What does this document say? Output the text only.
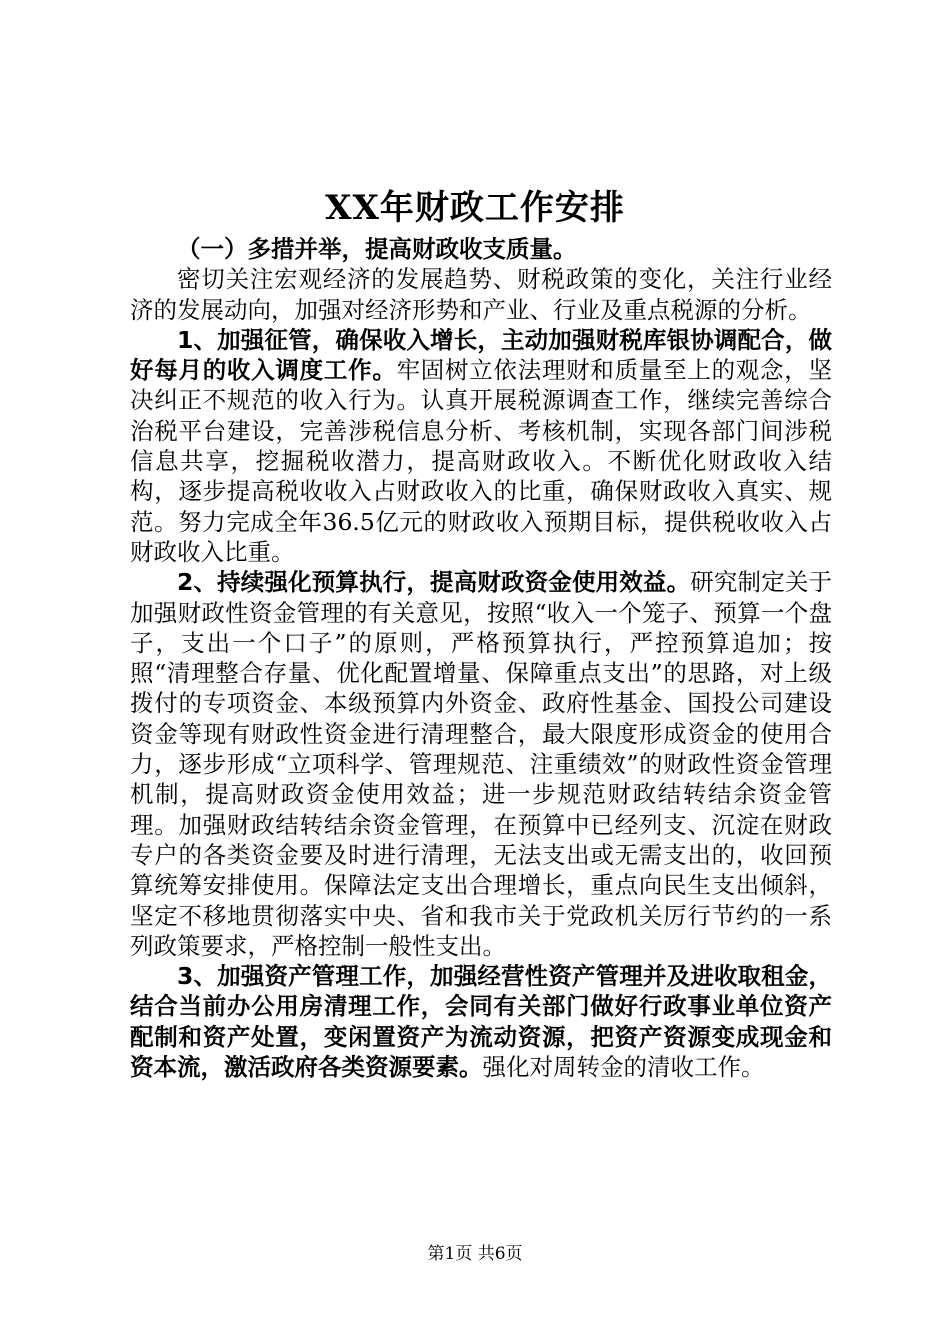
XX年财政工作安排

（一）多措并举，提高财政收支质量。

密切关注宏观经济的发展趋势、财税政策的变化，关注行业经济的发展动向，加强对经济形势和产业、行业及重点税源的分析。

1、加强征管，确保收入增长，主动加强财税库银协调配合，做好每月的收入调度工作。牢固树立依法理财和质量至上的观念，坚决纠正不规范的收入行为。认真开展税源调查工作，继续完善综合治税平台建设，完善涉税信息分析、考核机制，实现各部门间涉税信息共享，挖掘税收潜力，提高财政收入。不断优化财政收入结构，逐步提高税收收入占财政收入的比重，确保财政收入真实、规范。努力完成全年36.5亿元的财政收入预期目标，提供税收收入占财政收入比重。

2、持续强化预算执行，提高财政资金使用效益。研究制定关于加强财政性资金管理的有关意见，按照“收入一个笼子、预算一个盘子，支出一个口子”的原则，严格预算执行，严控预算追加；按照“清理整合存量、优化配置增量、保障重点支出”的思路，对上级拨付的专项资金、本级预算内外资金、政府性基金、国投公司建设资金等现有财政性资金进行清理整合，最大限度形成资金的使用合力，逐步形成“立项科学、管理规范、注重绩效”的财政性资金管理机制，提高财政资金使用效益；进一步规范财政结转结余资金管理。加强财政结转结余资金管理，在预算中已经列支、沉淀在财政专户的各类资金要及时进行清理，无法支出或无需支出的，收回预算统筹安排使用。保障法定支出合理增长，重点向民生支出倾斜，坚定不移地贯彻落实中央、省和我市关于党政机关厉行节约的一系列政策要求，严格控制一般性支出。

3、加强资产管理工作，加强经营性资产管理并及进收取租金，结合当前办公用房清理工作，会同有关部门做好行政事业单位资产配制和资产处置，变闲置资产为流动资源，把资产资源变成现金和资本流，激活政府各类资源要素。强化对周转金的清收工作。

第1页 共6页
